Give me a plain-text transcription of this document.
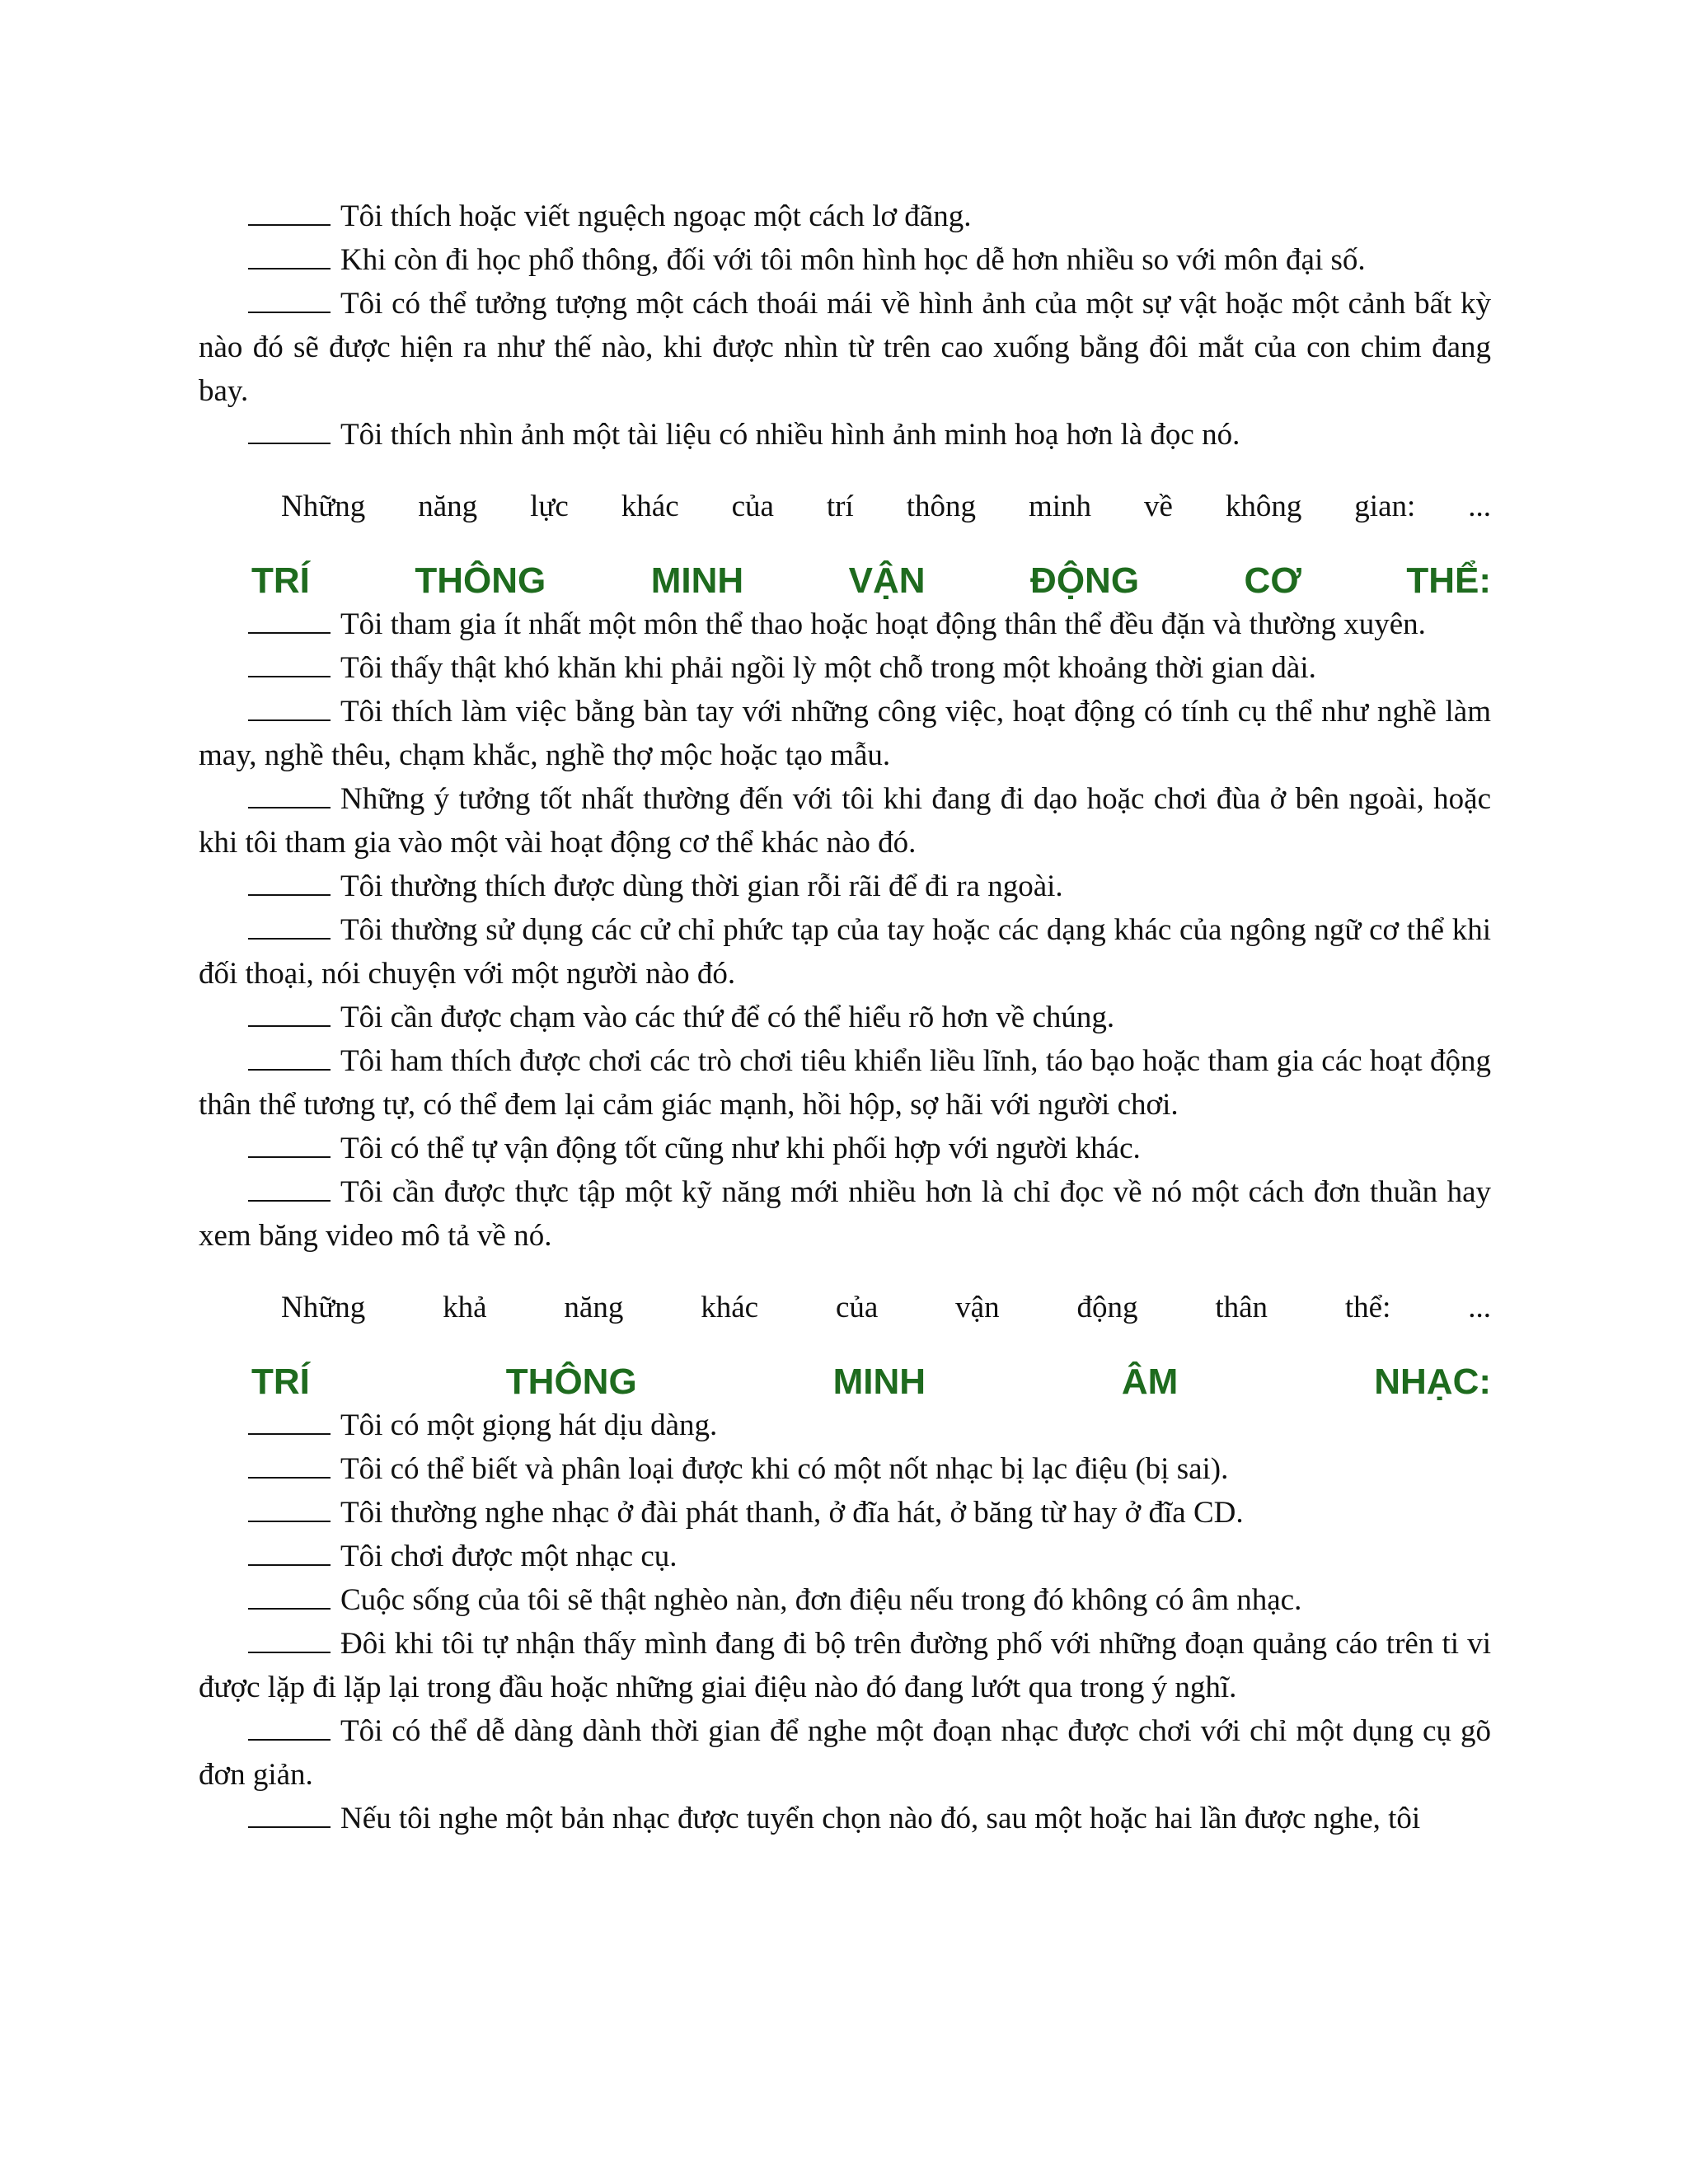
Tôi thích hoặc viết nguệch ngoạc một cách lơ đãng.

Khi còn đi học phổ thông, đối với tôi môn hình học dễ hơn nhiều so với môn đại số.

Tôi có thể tưởng tượng một cách thoái mái về hình ảnh của một sự vật hoặc một cảnh bất kỳ nào đó sẽ được hiện ra như thế nào, khi được nhìn từ trên cao xuống bằng đôi mắt của con chim đang bay.

Tôi thích nhìn ảnh một tài liệu có nhiều hình ảnh minh hoạ hơn là đọc nó.

Những năng lực khác của trí thông minh về không gian: ...

TRÍ THÔNG MINH VẬN ĐỘNG CƠ THỂ:

Tôi tham gia ít nhất một môn thể thao hoặc hoạt động thân thể đều đặn và thường xuyên.

Tôi thấy thật khó khăn khi phải ngồi lỳ một chỗ trong một khoảng thời gian dài.

Tôi thích làm việc bằng bàn tay với những công việc, hoạt động có tính cụ thể như nghề làm may, nghề thêu, chạm khắc, nghề thợ mộc hoặc tạo mẫu.

Những ý tưởng tốt nhất thường đến với tôi khi đang đi dạo hoặc chơi đùa ở bên ngoài, hoặc khi tôi tham gia vào một vài hoạt động cơ thể khác nào đó.

Tôi thường thích được dùng thời gian rỗi rãi để đi ra ngoài.

Tôi thường sử dụng các cử chỉ phức tạp của tay hoặc các dạng khác của ngông ngữ cơ thể khi đối thoại, nói chuyện với một người nào đó.

Tôi cần được chạm vào các thứ để có thể hiểu rõ hơn về chúng.

Tôi ham thích được chơi các trò chơi tiêu khiển liều lĩnh, táo bạo hoặc tham gia các hoạt động thân thể tương tự, có thể đem lại cảm giác mạnh, hồi hộp, sợ hãi với người chơi.

Tôi có thể tự vận động tốt cũng như khi phối hợp với người khác.

Tôi cần được thực tập một kỹ năng mới nhiều hơn là chỉ đọc về nó một cách đơn thuần hay xem băng video mô tả về nó.

Những khả năng khác của vận động thân thể: ...

TRÍ THÔNG MINH ÂM NHẠC:

Tôi có một giọng hát dịu dàng.

Tôi có thể biết và phân loại được khi có một nốt nhạc bị lạc điệu (bị sai).

Tôi thường nghe nhạc ở đài phát thanh, ở đĩa hát, ở băng từ hay ở đĩa CD.

Tôi chơi được một nhạc cụ.

Cuộc sống của tôi sẽ thật nghèo nàn, đơn điệu nếu trong đó không có âm nhạc.

Đôi khi tôi tự nhận thấy mình đang đi bộ trên đường phố với những đoạn quảng cáo trên ti vi được lặp đi lặp lại trong đầu hoặc những giai điệu nào đó đang lướt qua trong ý nghĩ.

Tôi có thể dễ dàng dành thời gian để nghe một đoạn nhạc được chơi với chỉ một dụng cụ gõ đơn giản.

Nếu tôi nghe một bản nhạc được tuyển chọn nào đó, sau một hoặc hai lần được nghe, tôi
